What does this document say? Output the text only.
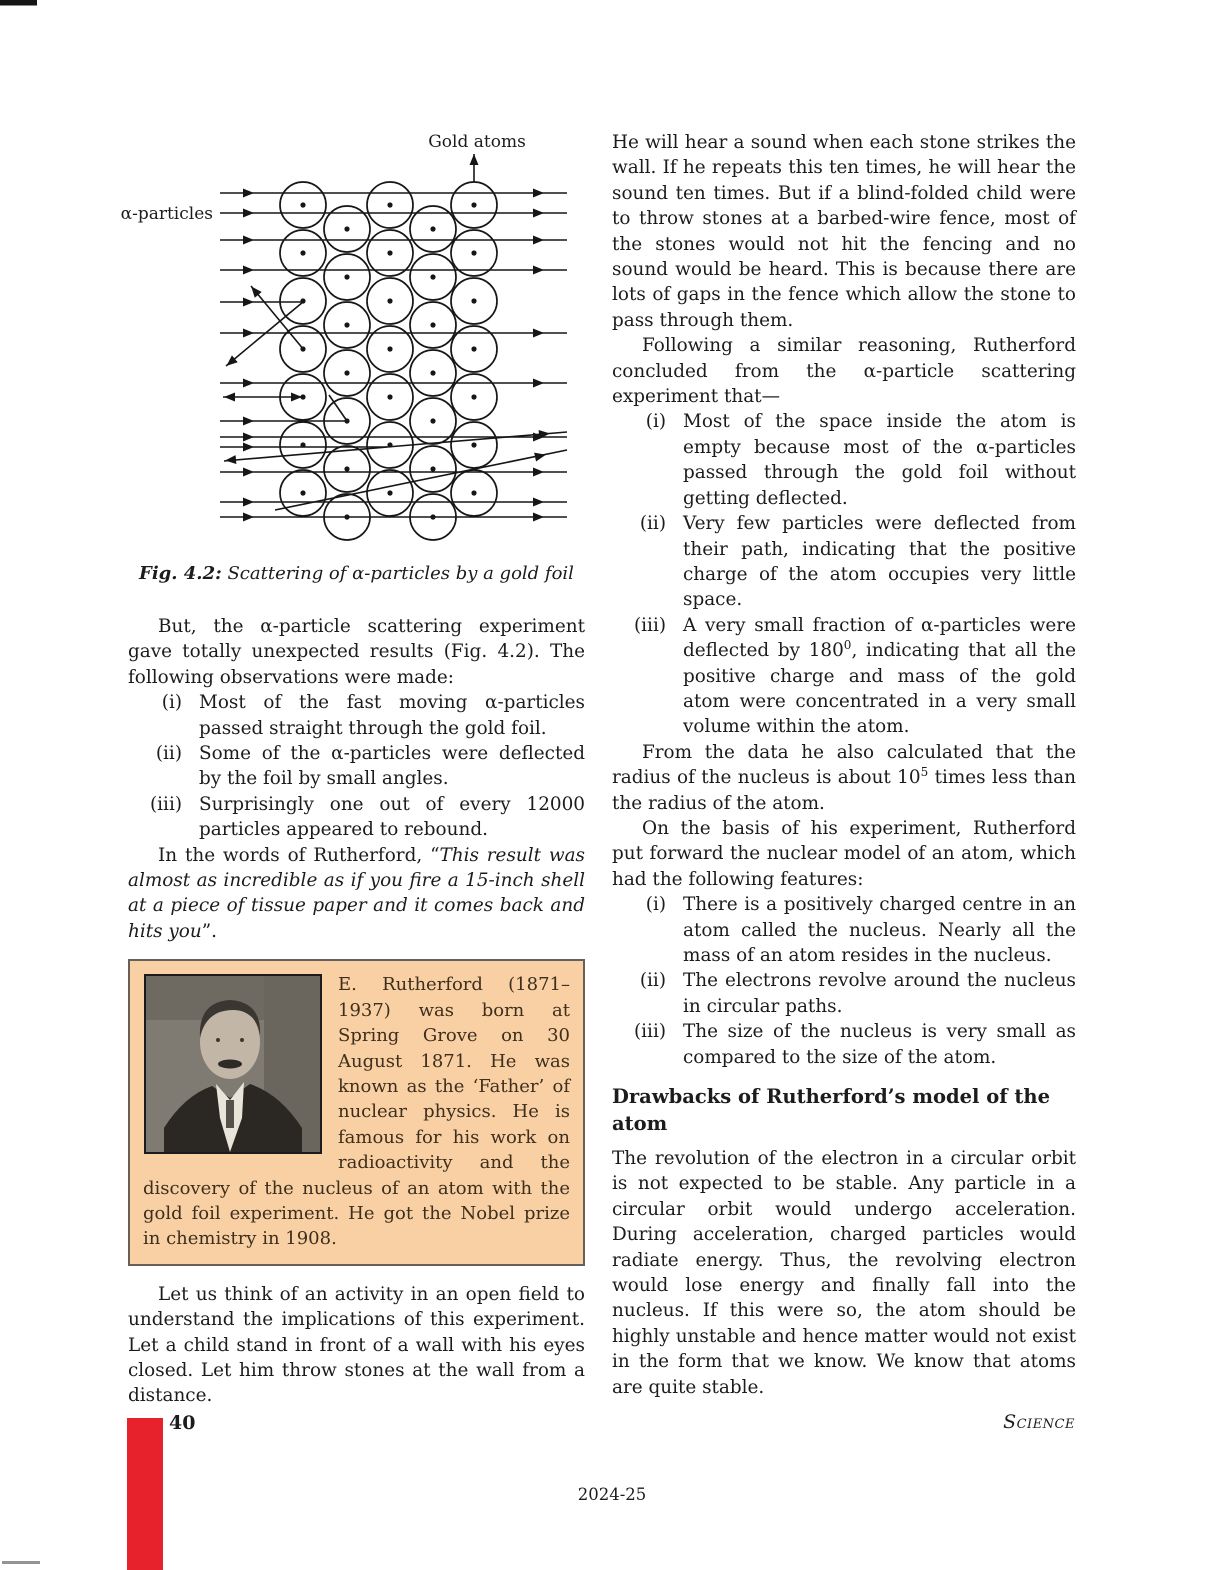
Gold atoms
α-particles
Fig. 4.2: Scattering of α-particles by a gold foil

But, the α-particle scattering experiment gave totally unexpected results (Fig. 4.2). The following observations were made:

(i) Most of the fast moving α-particles passed straight through the gold foil.
(ii) Some of the α-particles were deflected by the foil by small angles.
(iii) Surprisingly one out of every 12000 particles appeared to rebound.

In the words of Rutherford, “This result was almost as incredible as if you fire a 15-inch shell at a piece of tissue paper and it comes back and hits you”.

E. Rutherford (1871–1937) was born at Spring Grove on 30 August 1871. He was known as the ‘Father’ of nuclear physics. He is famous for his work on radioactivity and the discovery of the nucleus of an atom with the gold foil experiment. He got the Nobel prize in chemistry in 1908.

Let us think of an activity in an open field to understand the implications of this experiment. Let a child stand in front of a wall with his eyes closed. Let him throw stones at the wall from a distance.

He will hear a sound when each stone strikes the wall. If he repeats this ten times, he will hear the sound ten times. But if a blind-folded child were to throw stones at a barbed-wire fence, most of the stones would not hit the fencing and no sound would be heard. This is because there are lots of gaps in the fence which allow the stone to pass through them.

Following a similar reasoning, Rutherford concluded from the α-particle scattering experiment that—

(i) Most of the space inside the atom is empty because most of the α-particles passed through the gold foil without getting deflected.
(ii) Very few particles were deflected from their path, indicating that the positive charge of the atom occupies very little space.
(iii) A very small fraction of α-particles were deflected by $180^0$, indicating that all the positive charge and mass of the gold atom were concentrated in a very small volume within the atom.

From the data he also calculated that the radius of the nucleus is about $10^5$ times less than the radius of the atom.

On the basis of his experiment, Rutherford put forward the nuclear model of an atom, which had the following features:

(i) There is a positively charged centre in an atom called the nucleus. Nearly all the mass of an atom resides in the nucleus.
(ii) The electrons revolve around the nucleus in circular paths.
(iii) The size of the nucleus is very small as compared to the size of the atom.
Drawbacks of Rutherford’s model of the atom

The revolution of the electron in a circular orbit is not expected to be stable. Any particle in a circular orbit would undergo acceleration. During acceleration, charged particles would radiate energy. Thus, the revolving electron would lose energy and finally fall into the nucleus. If this were so, the atom should be highly unstable and hence matter would not exist in the form that we know. We know that atoms are quite stable.

40	Science
2024-25
